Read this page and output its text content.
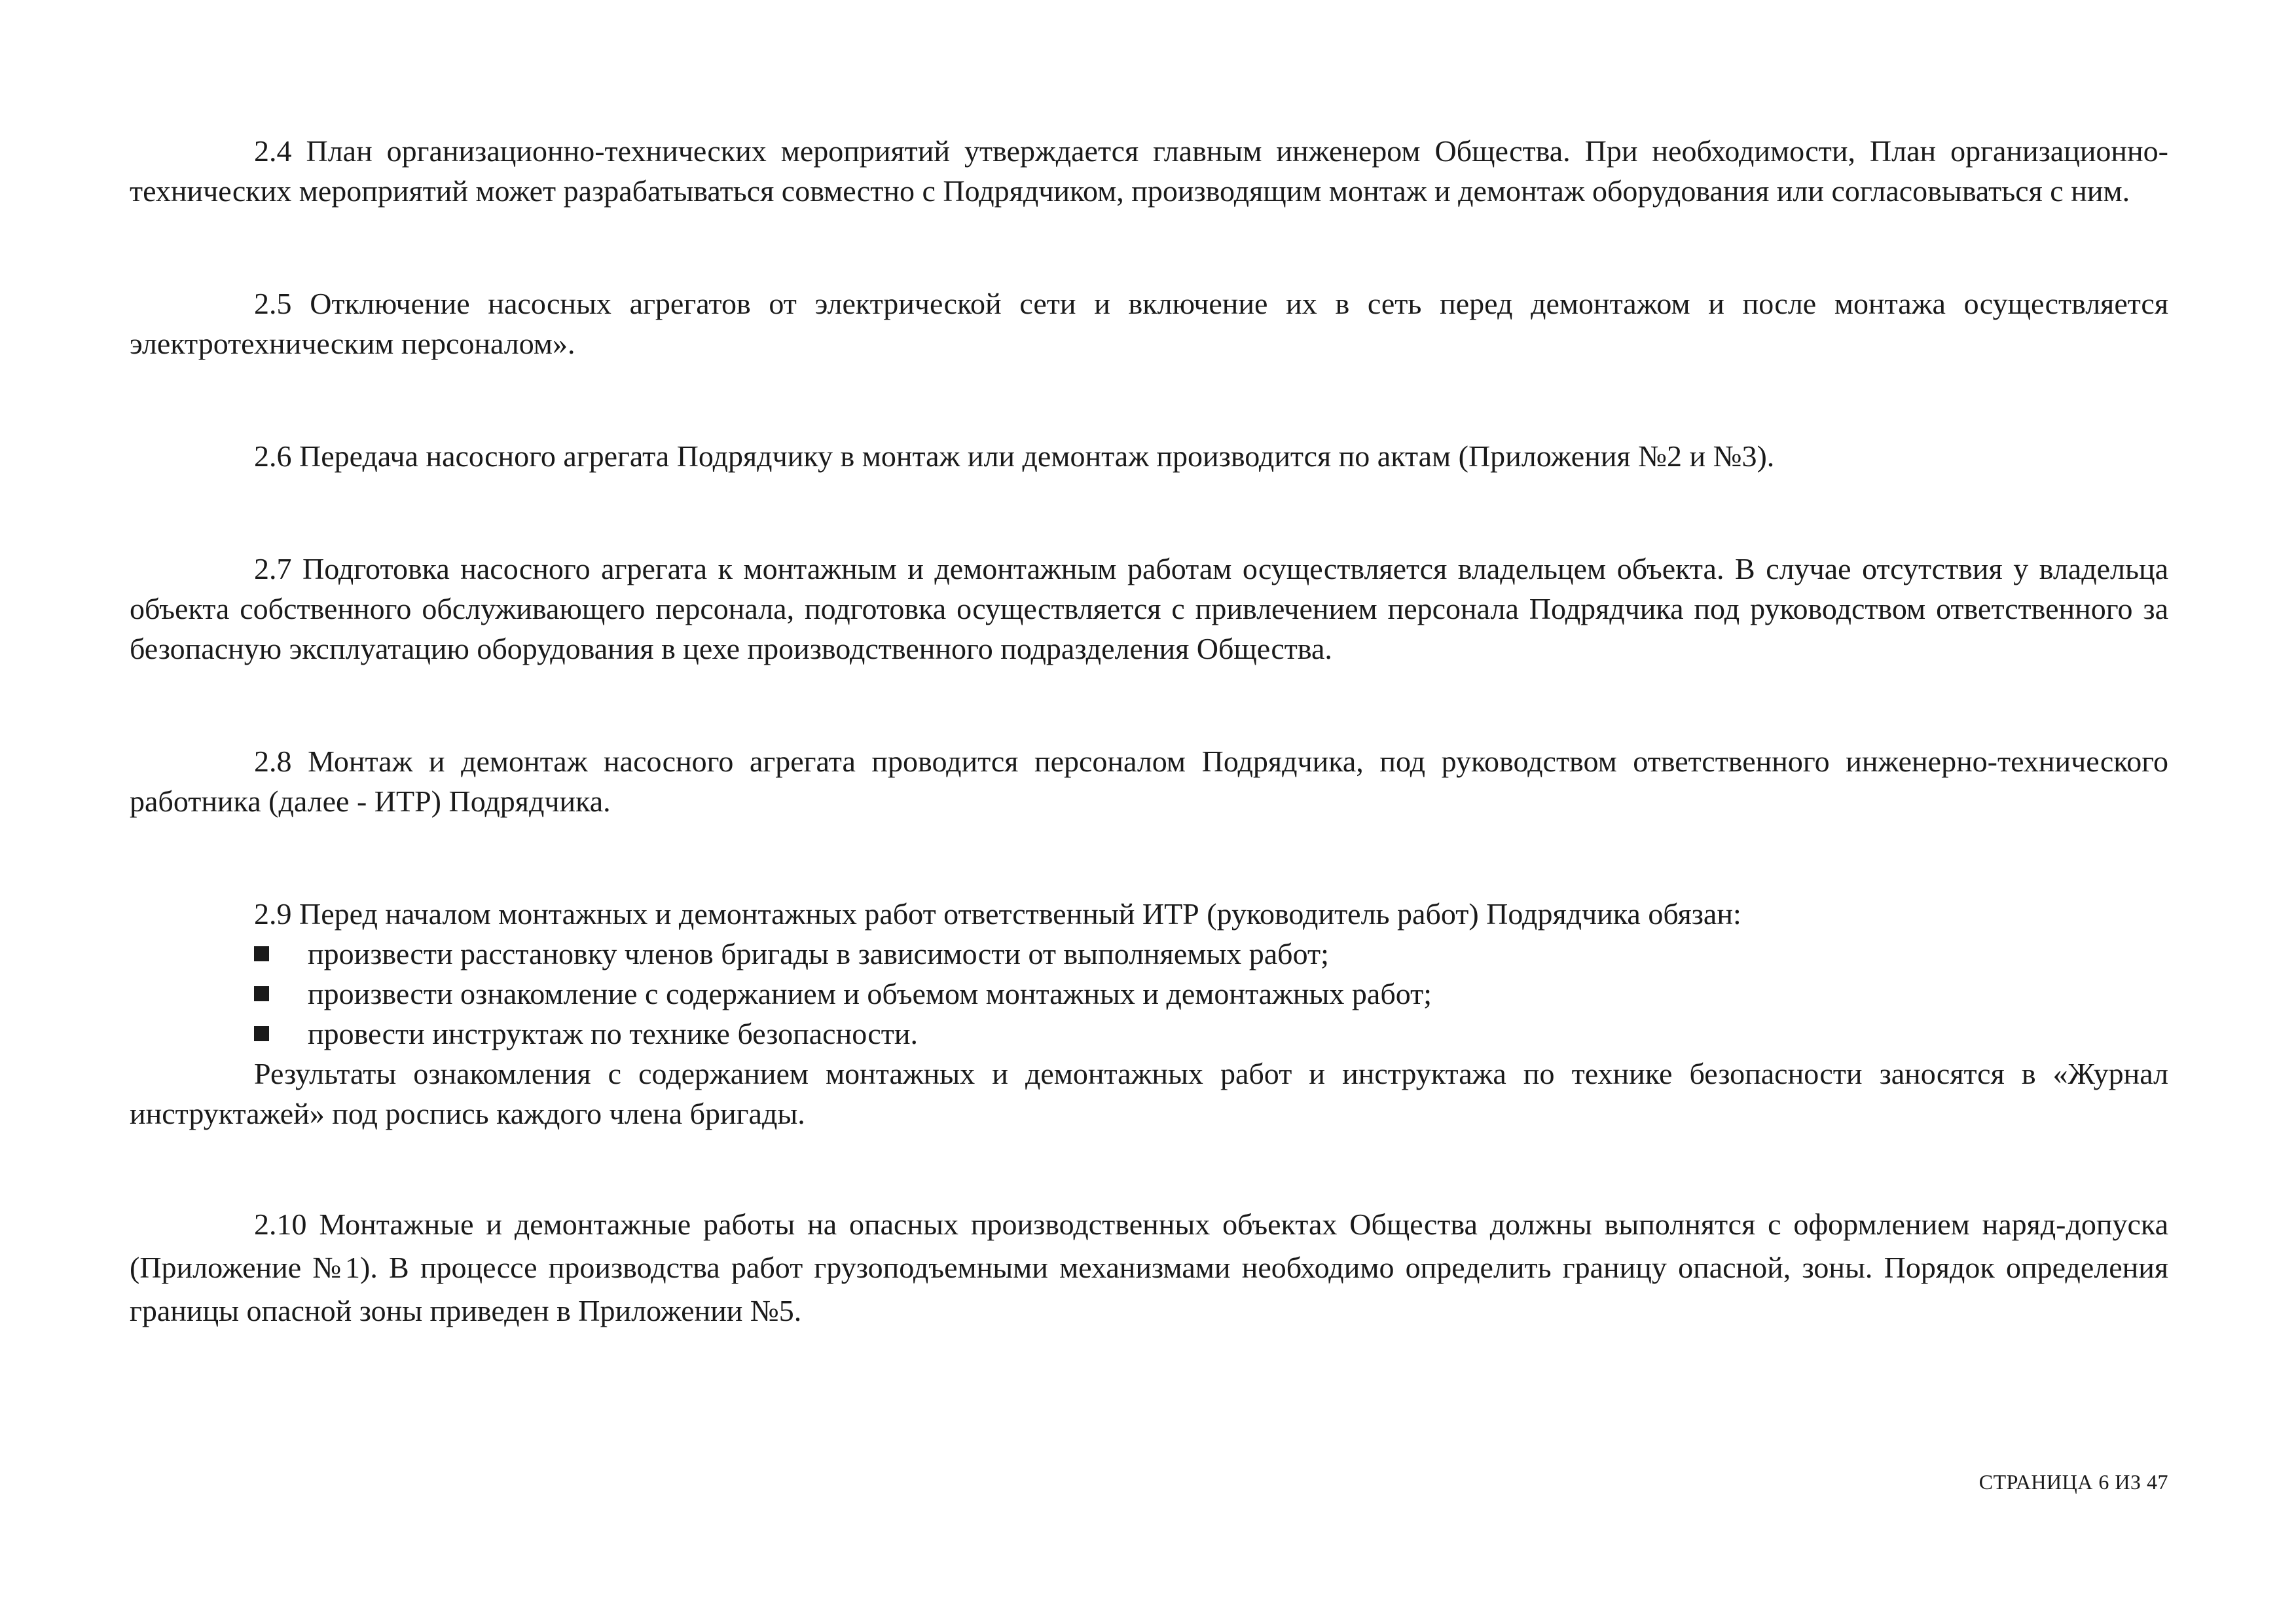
2.4 План организационно-технических мероприятий утверждается главным инженером Общества. При необходимости, План организационно-технических мероприятий может разрабатываться совместно с Подрядчиком, производящим монтаж и демонтаж оборудования или согласовываться с ним.

2.5 Отключение насосных агрегатов от электрической сети и включение их в сеть перед демонтажом и после монтажа осуществляется электротехническим персоналом».

2.6 Передача насосного агрегата Подрядчику в монтаж или демонтаж производится по актам (Приложения №2 и №3).

2.7 Подготовка насосного агрегата к монтажным и демонтажным работам осуществляется владельцем объекта. В случае отсутствия у владельца объекта собственного обслуживающего персонала, подготовка осуществляется с привлечением персонала Подрядчика под руководством ответственного за безопасную эксплуатацию оборудования в цехе производственного подразделения Общества.

2.8 Монтаж и демонтаж насосного агрегата проводится персоналом Подрядчика, под руководством ответственного инженерно-технического работника (далее - ИТР) Подрядчика.

2.9 Перед началом монтажных и демонтажных работ ответственный ИТР (руководитель работ) Подрядчика обязан:

произвести расстановку членов бригады в зависимости от выполняемых работ;
произвести ознакомление с содержанием и объемом монтажных и демонтажных работ;
провести инструктаж по технике безопасности.

Результаты ознакомления с содержанием монтажных и демонтажных работ и инструктажа по технике безопасности заносятся в «Журнал инструктажей» под роспись каждого члена бригады.

2.10 Монтажные и демонтажные работы на опасных производственных объектах Общества должны выполнятся с оформлением наряд-допуска (Приложение №1). В процессе производства работ грузоподъемными механизмами необходимо определить границу опасной, зоны. Порядок определения границы опасной зоны приведен в Приложении №5.

СТРАНИЦА 6 ИЗ 47
